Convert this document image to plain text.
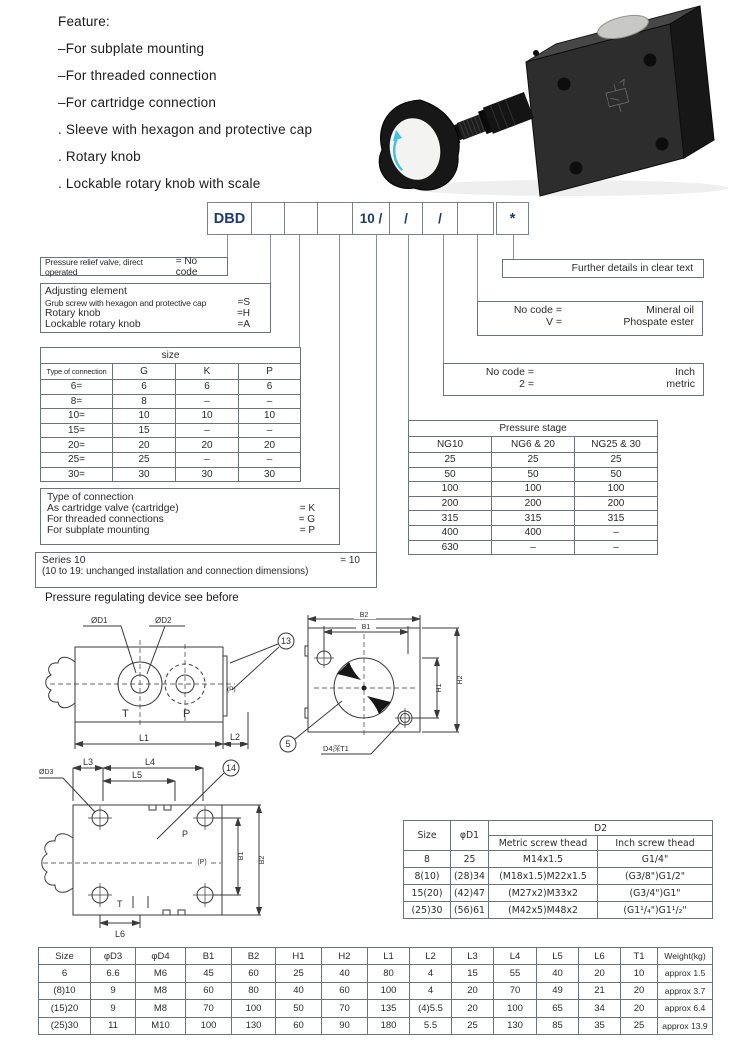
Feature:
–For subplate mounting
–For threaded connection
–For cartridge connection
. Sleeve with hexagon and protective cap
. Rotary knob
. Lockable rotary knob with scale
DBDH6G 10/315-M
DBD	10 /	/	/	*
Pressure relief valve, direct operated
= No code
Adjusting element
Grub screw with hexagon and protective cap	=S
Rotary knob	=H
Lockable rotary knob	=A
size			
Type of connection	G	K	P
6=	6	6	6
8=	8	–	–
10=	10	10	10
15=	15	–	–
20=	20	20	20
25=	25	–	–
30=	30	30	30
Type of connection
As cartridge valve (cartridge)	= K
For threaded connections	= G
For subplate mounting	= P
Series 10	= 10
(10 to 19: unchanged installation and connection dimensions)
Further details in clear text
No code =	Mineral oil
V =	Phospate ester
No code =	Inch
2 =	metric
Pressure stage		
NG10	NG6 & 20	NG25 & 30
25	25	25
50	50	50
100	100	100
200	200	200
315	315	315
400	400	–
630	–	–
Pressure regulating device see before
ØD1	ØD2
L1	L2
T	P
(P)
13
5
B2
B1
H1
H2
D4深T1
L3	L4
L5
ØD3
P
(P)
T
L6
14
B1 B2
Size	φD1	D2	
		Metric screw thead	Inch screw thead
8	25	M14x1.5	G1/4"
8(10)	(28)34	(M18x1.5)M22x1.5	(G3/8")G1/2"
15(20)	(42)47	(M27x2)M33x2	(G3/4")G1"
(25)30	(56)61	(M42x5)M48x2	(G1¹/₄")G1¹/₂"
Size	φD3	φD4	B1	B2	H1	H2	L1	L2	L3	L4	L5	L6	T1	Weight(kg)
6	6.6	M6	45	60	25	40	80	4	15	55	40	20	10	approx 1.5
(8)10	9	M8	60	80	40	60	100	4	20	70	49	21	20	approx 3.7
(15)20	9	M8	70	100	50	70	135	(4)5.5	20	100	65	34	20	approx 6.4
(25)30	11	M10	100	130	60	90	180	5.5	25	130	85	35	25	approx 13.9
